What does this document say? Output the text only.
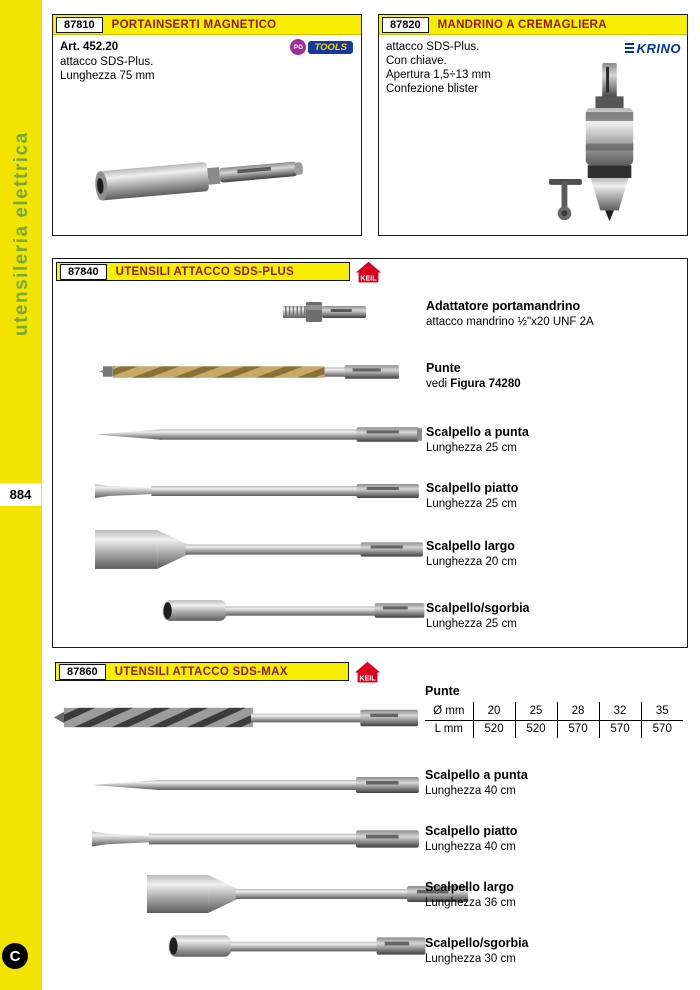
utensileria elettrica
884
C
87810	PORTAINSERTI MAGNETICO
Art. 452.20
attacco SDS-Plus.
Lunghezza 75 mm
PG	TOOLS
87820	MANDRINO A CREMAGLIERA
attacco SDS-Plus.
Con chiave.
Apertura 1,5÷13 mm
Confezione blister
KRINO
87840	UTENSILI ATTACCO SDS-PLUS
KEIL
Adattatore portamandrino
attacco mandrino ½"x20 UNF 2A
Punte
vedi Figura 74280
Scalpello a punta
Lunghezza 25 cm
Scalpello piatto
Lunghezza 25 cm
Scalpello largo
Lunghezza 20 cm
Scalpello/sgorbia
Lunghezza 25 cm
87860	UTENSILI ATTACCO SDS-MAX
KEIL
Punte
Ø mm	20	25	28	32	35
L mm	520	520	570	570	570
Scalpello a punta
Lunghezza 40 cm
Scalpello piatto
Lunghezza 40 cm
Scalpello largo
Lunghezza 36 cm
Scalpello/sgorbia
Lunghezza 30 cm
